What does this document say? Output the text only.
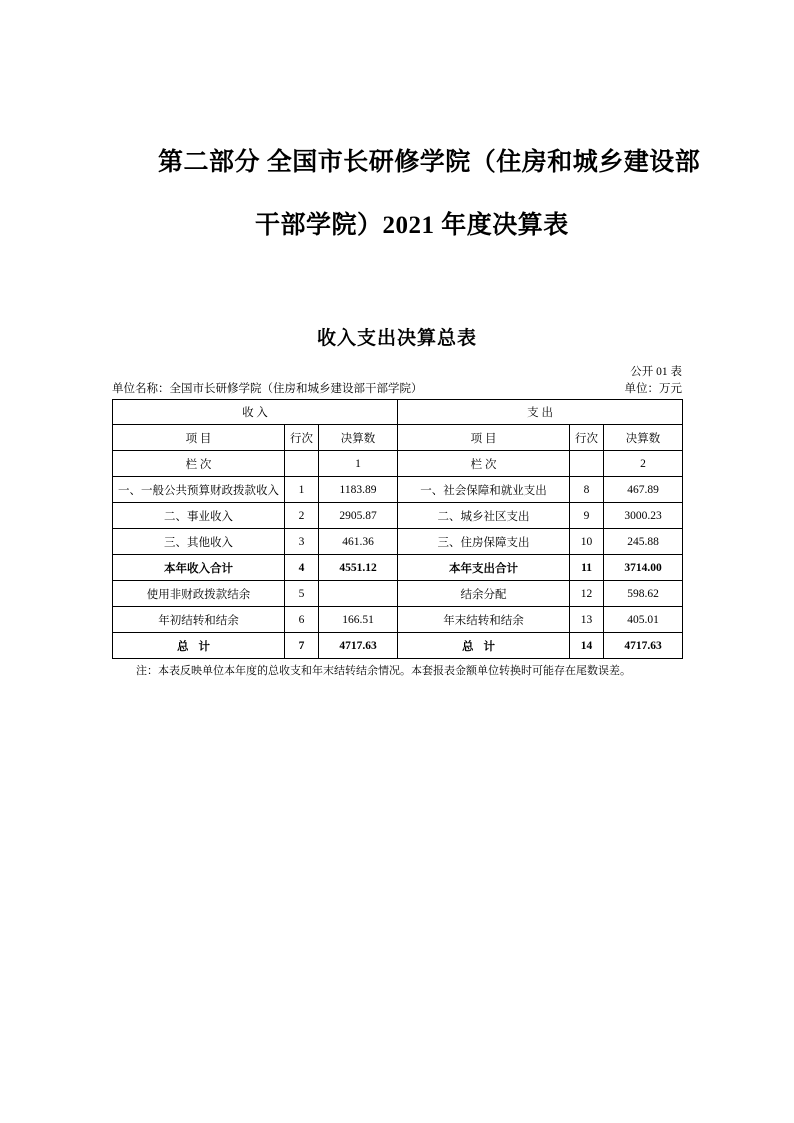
第二部分 全国市长研修学院（住房和城乡建设部
干部学院）2021 年度决算表
收入支出决算总表
公开 01 表
单位名称：全国市长研修学院（住房和城乡建设部干部学院）	单位：万元
收 入			支 出		
项 目	行次	决算数	项 目	行次	决算数
栏 次		1	栏 次		2
一、一般公共预算财政拨款收入	1	1183.89	一、社会保障和就业支出	8	467.89
二、事业收入	2	2905.87	二、城乡社区支出	9	3000.23
三、其他收入	3	461.36	三、住房保障支出	10	245.88
本年收入合计	4	4551.12	本年支出合计	11	3714.00
使用非财政拨款结余	5		结余分配	12	598.62
年初结转和结余	6	166.51	年末结转和结余	13	405.01
总计	7	4717.63	总计	14	4717.63
注：本表反映单位本年度的总收支和年末结转结余情况。本套报表金额单位转换时可能存在尾数误差。
